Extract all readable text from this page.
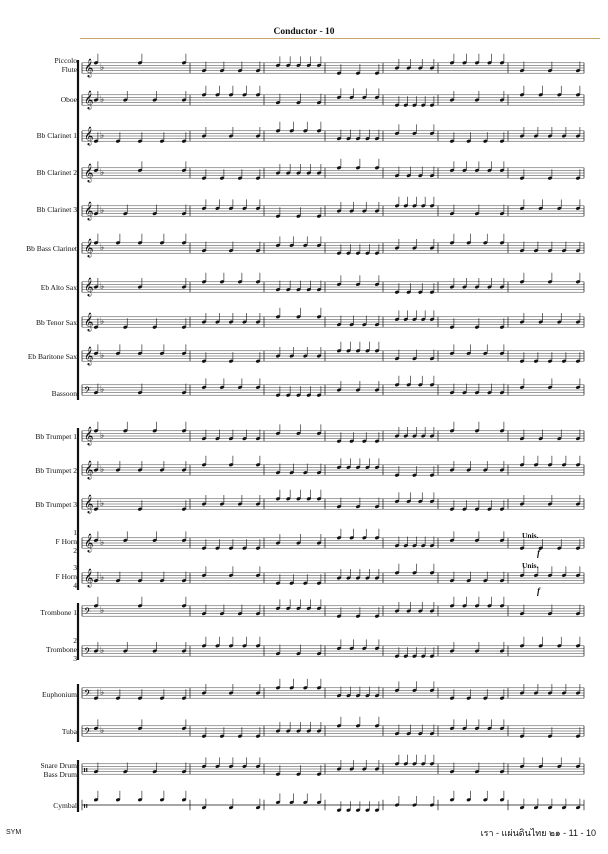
Conductor - 10
𝄞 ♭
𝄞 ♭
𝄞 ♭
𝄞 ♭
𝄞 ♭
𝄞 ♭
𝄞 ♭
𝄞 ♭
𝄞 ♭
𝄢 ♭
𝄞 ♭
𝄞 ♭
𝄞 ♭
𝄞 ♭
𝄞 ♭
𝄢 ♭
𝄢 ♭
𝄢 ♭
𝄢 ♭
𝄥
𝄥
Piccolo
Flute
Oboe
Bb Clarinet 1
Bb Clarinet 2
Bb Clarinet 3
Bb Bass Clarinet
Eb Alto Sax
Bb Tenor Sax
Eb Baritone Sax
Bassoon
Bb Trumpet 1
Bb Trumpet 2
Bb Trumpet 3
1
F Horn
2
3
F Horn
4
Trombone 1
2
Trombone
3
Euphonium
Tuba
Snare Drum
Bass Drum
Cymbal
Unis.
f
Unis.
f
SYM	เรา - แผ่นดินไทย ๒๑ - 11 - 10
